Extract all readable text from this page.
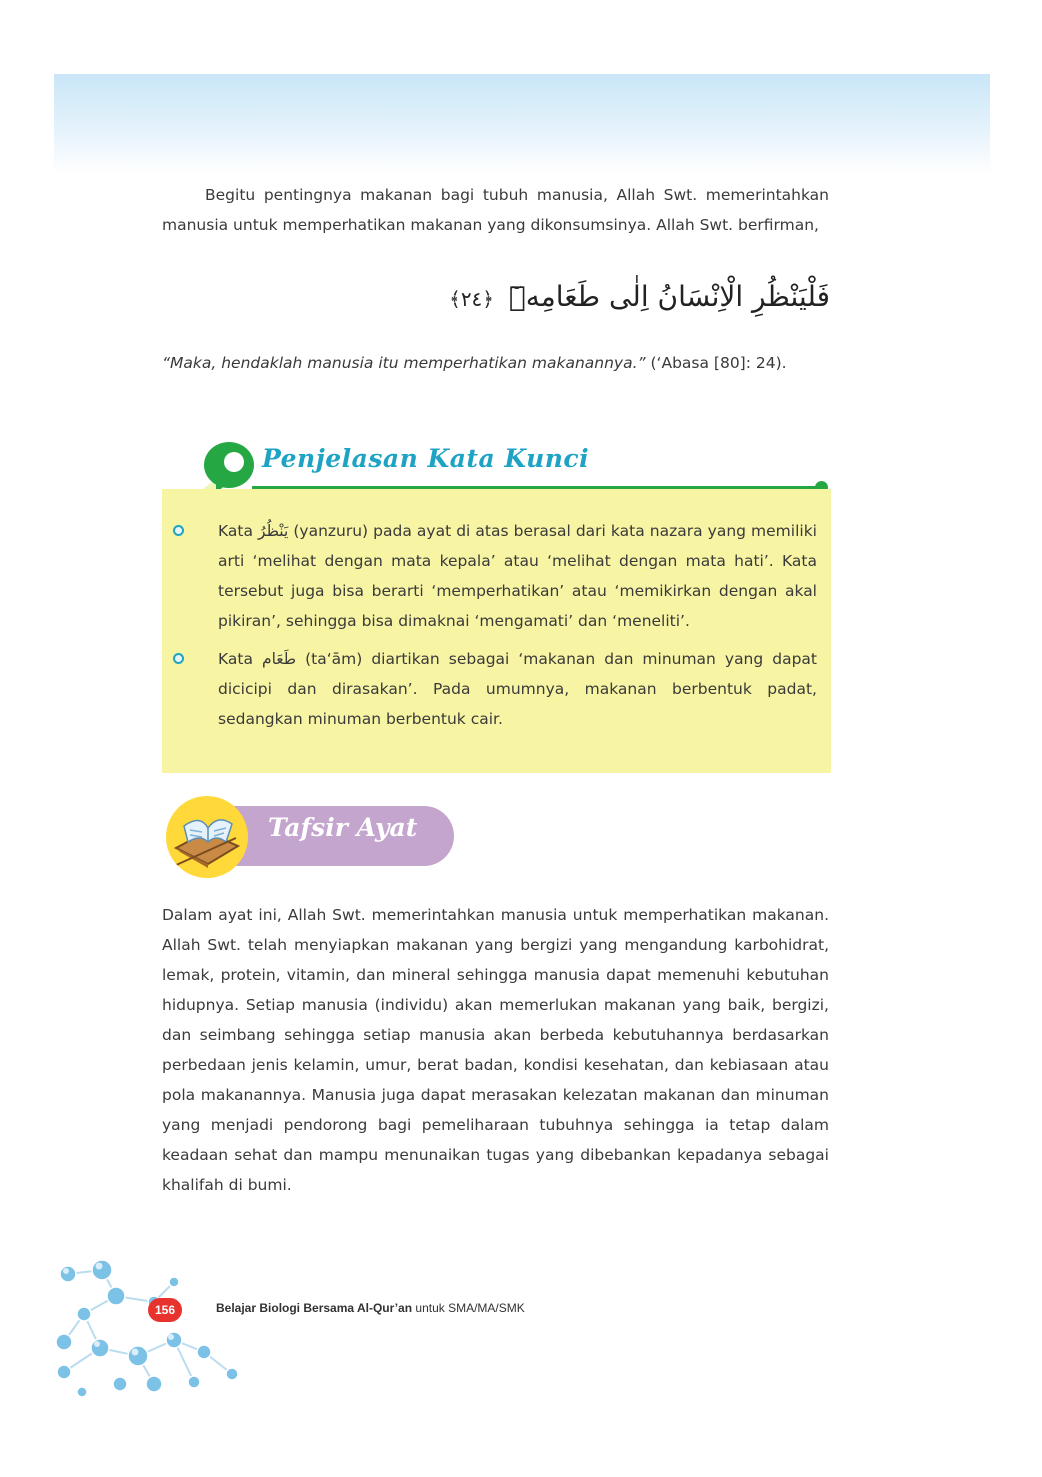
Begitu pentingnya makanan bagi tubuh manusia, Allah Swt. memerintahkan manusia untuk memperhatikan makanan yang dikonsumsinya. Allah Swt. berfirman,

فَلْيَنْظُرِ الْاِنْسَانُ اِلٰى طَعَامِهٖٓ ﴿٢٤﴾

“Maka, hendaklah manusia itu memperhatikan makanannya.” (‘Abasa [80]: 24).

Penjelasan Kata Kunci
Kata يَنْظُرُ (yanzuru) pada ayat di atas berasal dari kata nazara yang memiliki arti ‘melihat dengan mata kepala’ atau ‘melihat dengan mata hati’. Kata tersebut juga bisa berarti ‘memperhatikan’ atau ‘memikirkan dengan akal pikiran’, sehingga bisa dimaknai ‘mengamati’ dan ‘meneliti’.
Kata طَعَام (ta‘ām) diartikan sebagai ‘makanan dan minuman yang dapat dicicipi dan dirasakan’. Pada umumnya, makanan berbentuk padat, sedangkan minuman berbentuk cair.
Tafsir Ayat

Dalam ayat ini, Allah Swt. memerintahkan manusia untuk memperhatikan makanan. Allah Swt. telah menyiapkan makanan yang bergizi yang mengandung karbohidrat, lemak, protein, vitamin, dan mineral sehingga manusia dapat memenuhi kebutuhan hidupnya. Setiap manusia (individu) akan memerlukan makanan yang baik, bergizi, dan seimbang sehingga setiap manusia akan berbeda kebutuhannya berdasarkan perbedaan jenis kelamin, umur, berat badan, kondisi kesehatan, dan kebiasaan atau pola makanannya. Manusia juga dapat merasakan kelezatan makanan dan minuman yang menjadi pendorong bagi pemeliharaan tubuhnya sehingga ia tetap dalam keadaan sehat dan mampu menunaikan tugas yang dibebankan kepadanya sebagai khalifah di bumi.

156	Belajar Biologi Bersama Al-Qur’an untuk SMA/MA/SMK
